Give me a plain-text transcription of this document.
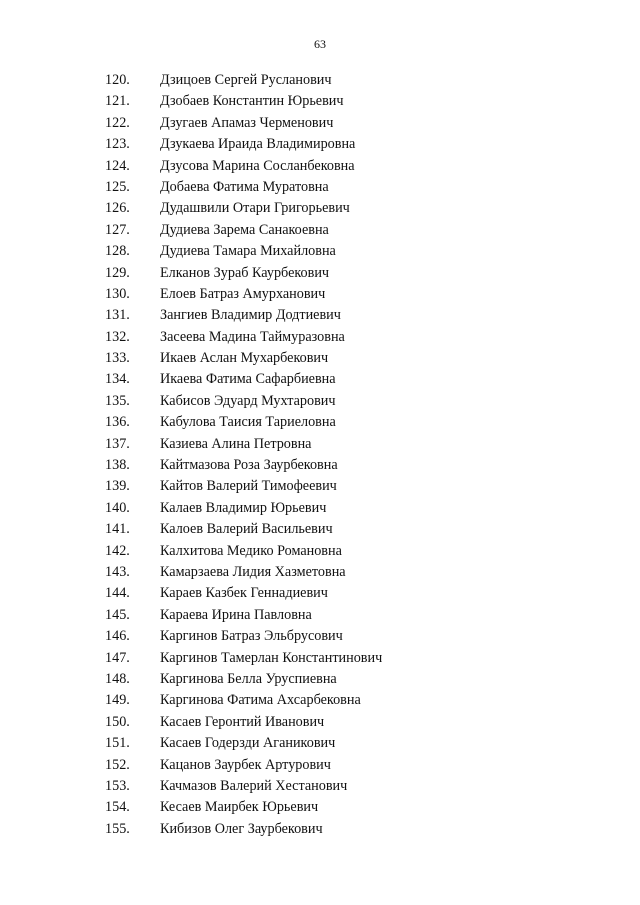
63
120. Дзицоев Сергей Русланович
121. Дзобаев Константин Юрьевич
122. Дзугаев Апамаз Черменович
123. Дзукаева Ираида Владимировна
124. Дзусова Марина Сосланбековна
125. Добаева Фатима Муратовна
126. Дудашвили Отари Григорьевич
127. Дудиева Зарема Санакоевна
128. Дудиева Тамара Михайловна
129. Елканов Зураб Каурбекович
130. Елоев Батраз Амурханович
131. Зангиев Владимир Додтиевич
132. Засеева Мадина Таймуразовна
133. Икаев Аслан Мухарбекович
134. Икаева Фатима Сафарбиевна
135. Кабисов Эдуард Мухтарович
136. Кабулова Таисия Тариеловна
137. Казиева Алина Петровна
138. Кайтмазова Роза Заурбековна
139. Кайтов Валерий Тимофеевич
140. Калаев Владимир Юрьевич
141. Калоев Валерий Васильевич
142. Калхитова Медико Романовна
143. Камарзаева Лидия Хазметовна
144. Караев Казбек Геннадиевич
145. Караева Ирина Павловна
146. Каргинов Батраз Эльбрусович
147. Каргинов Тамерлан Константинович
148. Каргинова Белла Уруспиевна
149. Каргинова Фатима Ахсарбековна
150. Касаев Геронтий Иванович
151. Касаев Годерзди Аганикович
152. Кацанов Заурбек Артурович
153. Качмазов Валерий Хестанович
154. Кесаев Маирбек Юрьевич
155. Кибизов Олег Заурбекович
